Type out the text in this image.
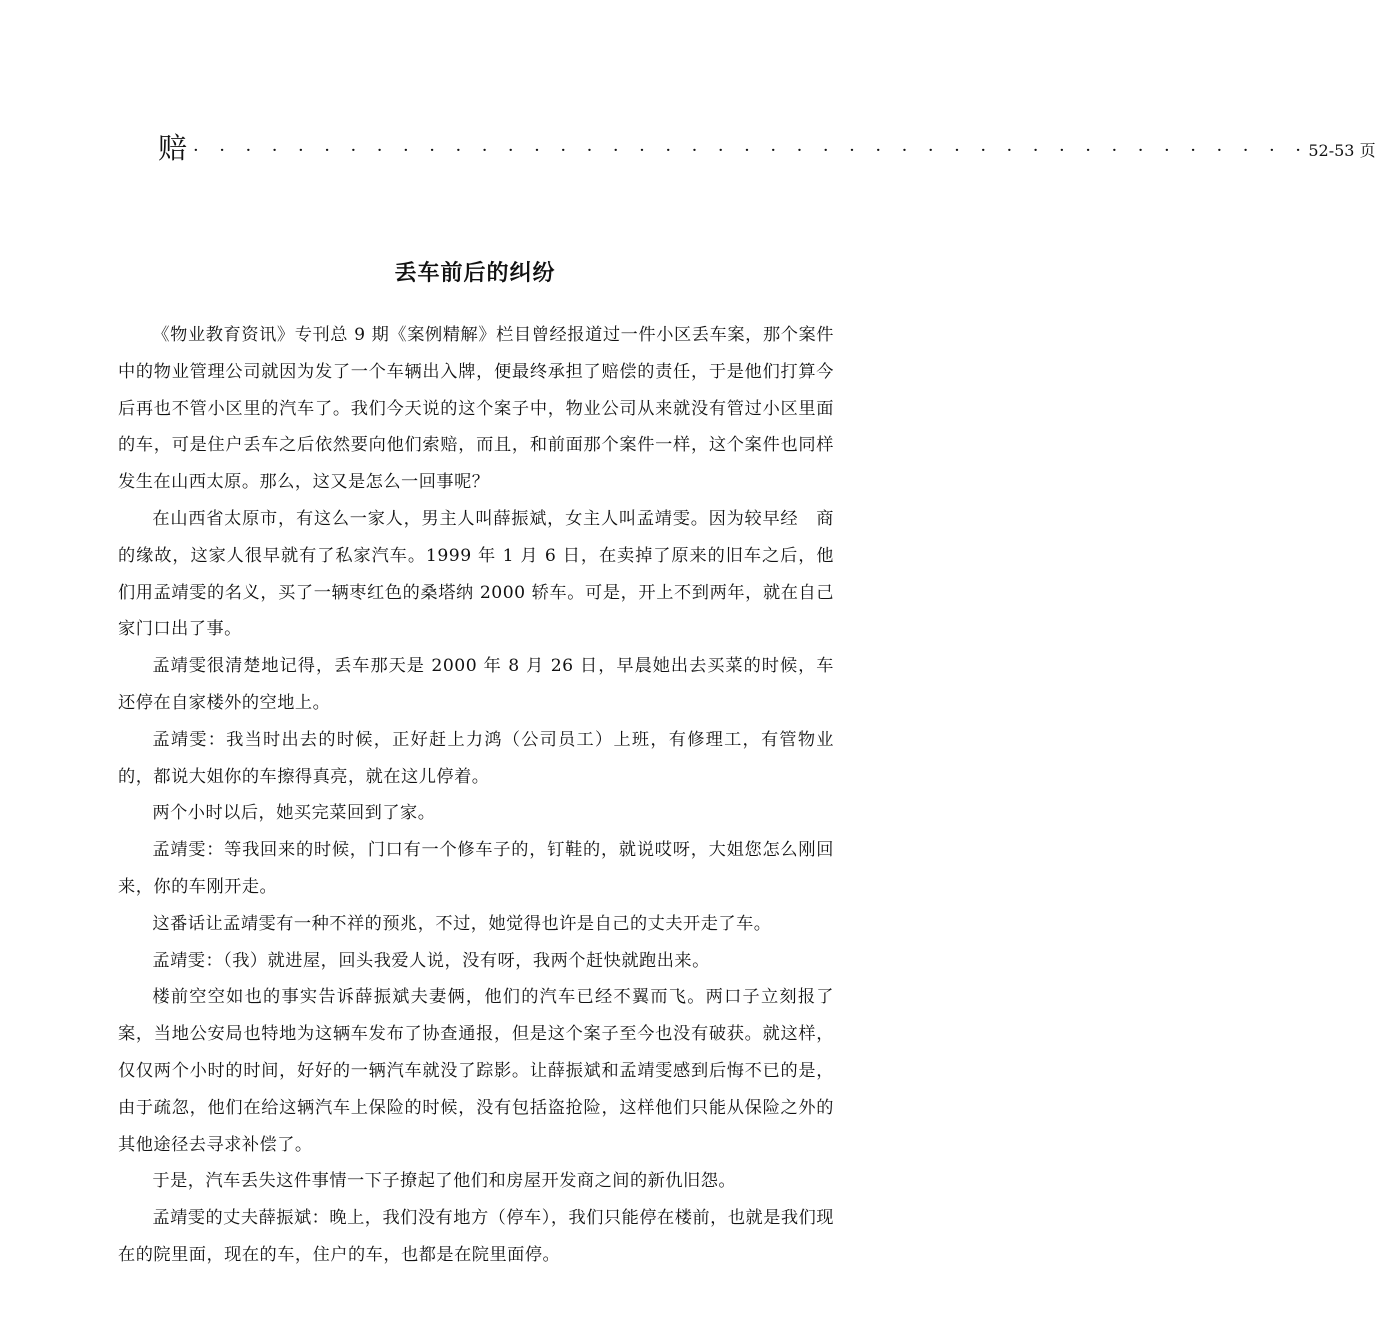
赔 · · · · · · · · · · · · · · · · · · · · · · · · · · · · · · · · · · · · · · · · · · · 52-53 页
丢车前后的纠纷

《物业教育资讯》专刊总 9 期《案例精解》栏目曾经报道过一件小区丢车案，那个案件中的物业管理公司就因为发了一个车辆出入牌，便最终承担了赔偿的责任，于是他们打算今后再也不管小区里的汽车了。我们今天说的这个案子中，物业公司从来就没有管过小区里面的车，可是住户丢车之后依然要向他们索赔，而且，和前面那个案件一样，这个案件也同样发生在山西太原。那么，这又是怎么一回事呢？

在山西省太原市，有这么一家人，男主人叫薛振斌，女主人叫孟靖雯。因为较早经　商的缘故，这家人很早就有了私家汽车。1999 年 1 月 6 日，在卖掉了原来的旧车之后，他们用孟靖雯的名义，买了一辆枣红色的桑塔纳 2000 轿车。可是，开上不到两年，就在自己家门口出了事。

孟靖雯很清楚地记得，丢车那天是 2000 年 8 月 26 日，早晨她出去买菜的时候，车还停在自家楼外的空地上。

孟靖雯：我当时出去的时候，正好赶上力鸿（公司员工）上班，有修理工，有管物业的，都说大姐你的车擦得真亮，就在这儿停着。

两个小时以后，她买完菜回到了家。

孟靖雯：等我回来的时候，门口有一个修车子的，钉鞋的，就说哎呀，大姐您怎么刚回来，你的车刚开走。

这番话让孟靖雯有一种不祥的预兆，不过，她觉得也许是自己的丈夫开走了车。

孟靖雯：（我）就进屋，回头我爱人说，没有呀，我两个赶快就跑出来。

楼前空空如也的事实告诉薛振斌夫妻俩，他们的汽车已经不翼而飞。两口子立刻报了案，当地公安局也特地为这辆车发布了协查通报，但是这个案子至今也没有破获。就这样，仅仅两个小时的时间，好好的一辆汽车就没了踪影。让薛振斌和孟靖雯感到后悔不已的是，由于疏忽，他们在给这辆汽车上保险的时候，没有包括盗抢险，这样他们只能从保险之外的其他途径去寻求补偿了。

于是，汽车丢失这件事情一下子撩起了他们和房屋开发商之间的新仇旧怨。

孟靖雯的丈夫薛振斌：晚上，我们没有地方（停车），我们只能停在楼前，也就是我们现在的院里面，现在的车，住户的车，也都是在院里面停。
